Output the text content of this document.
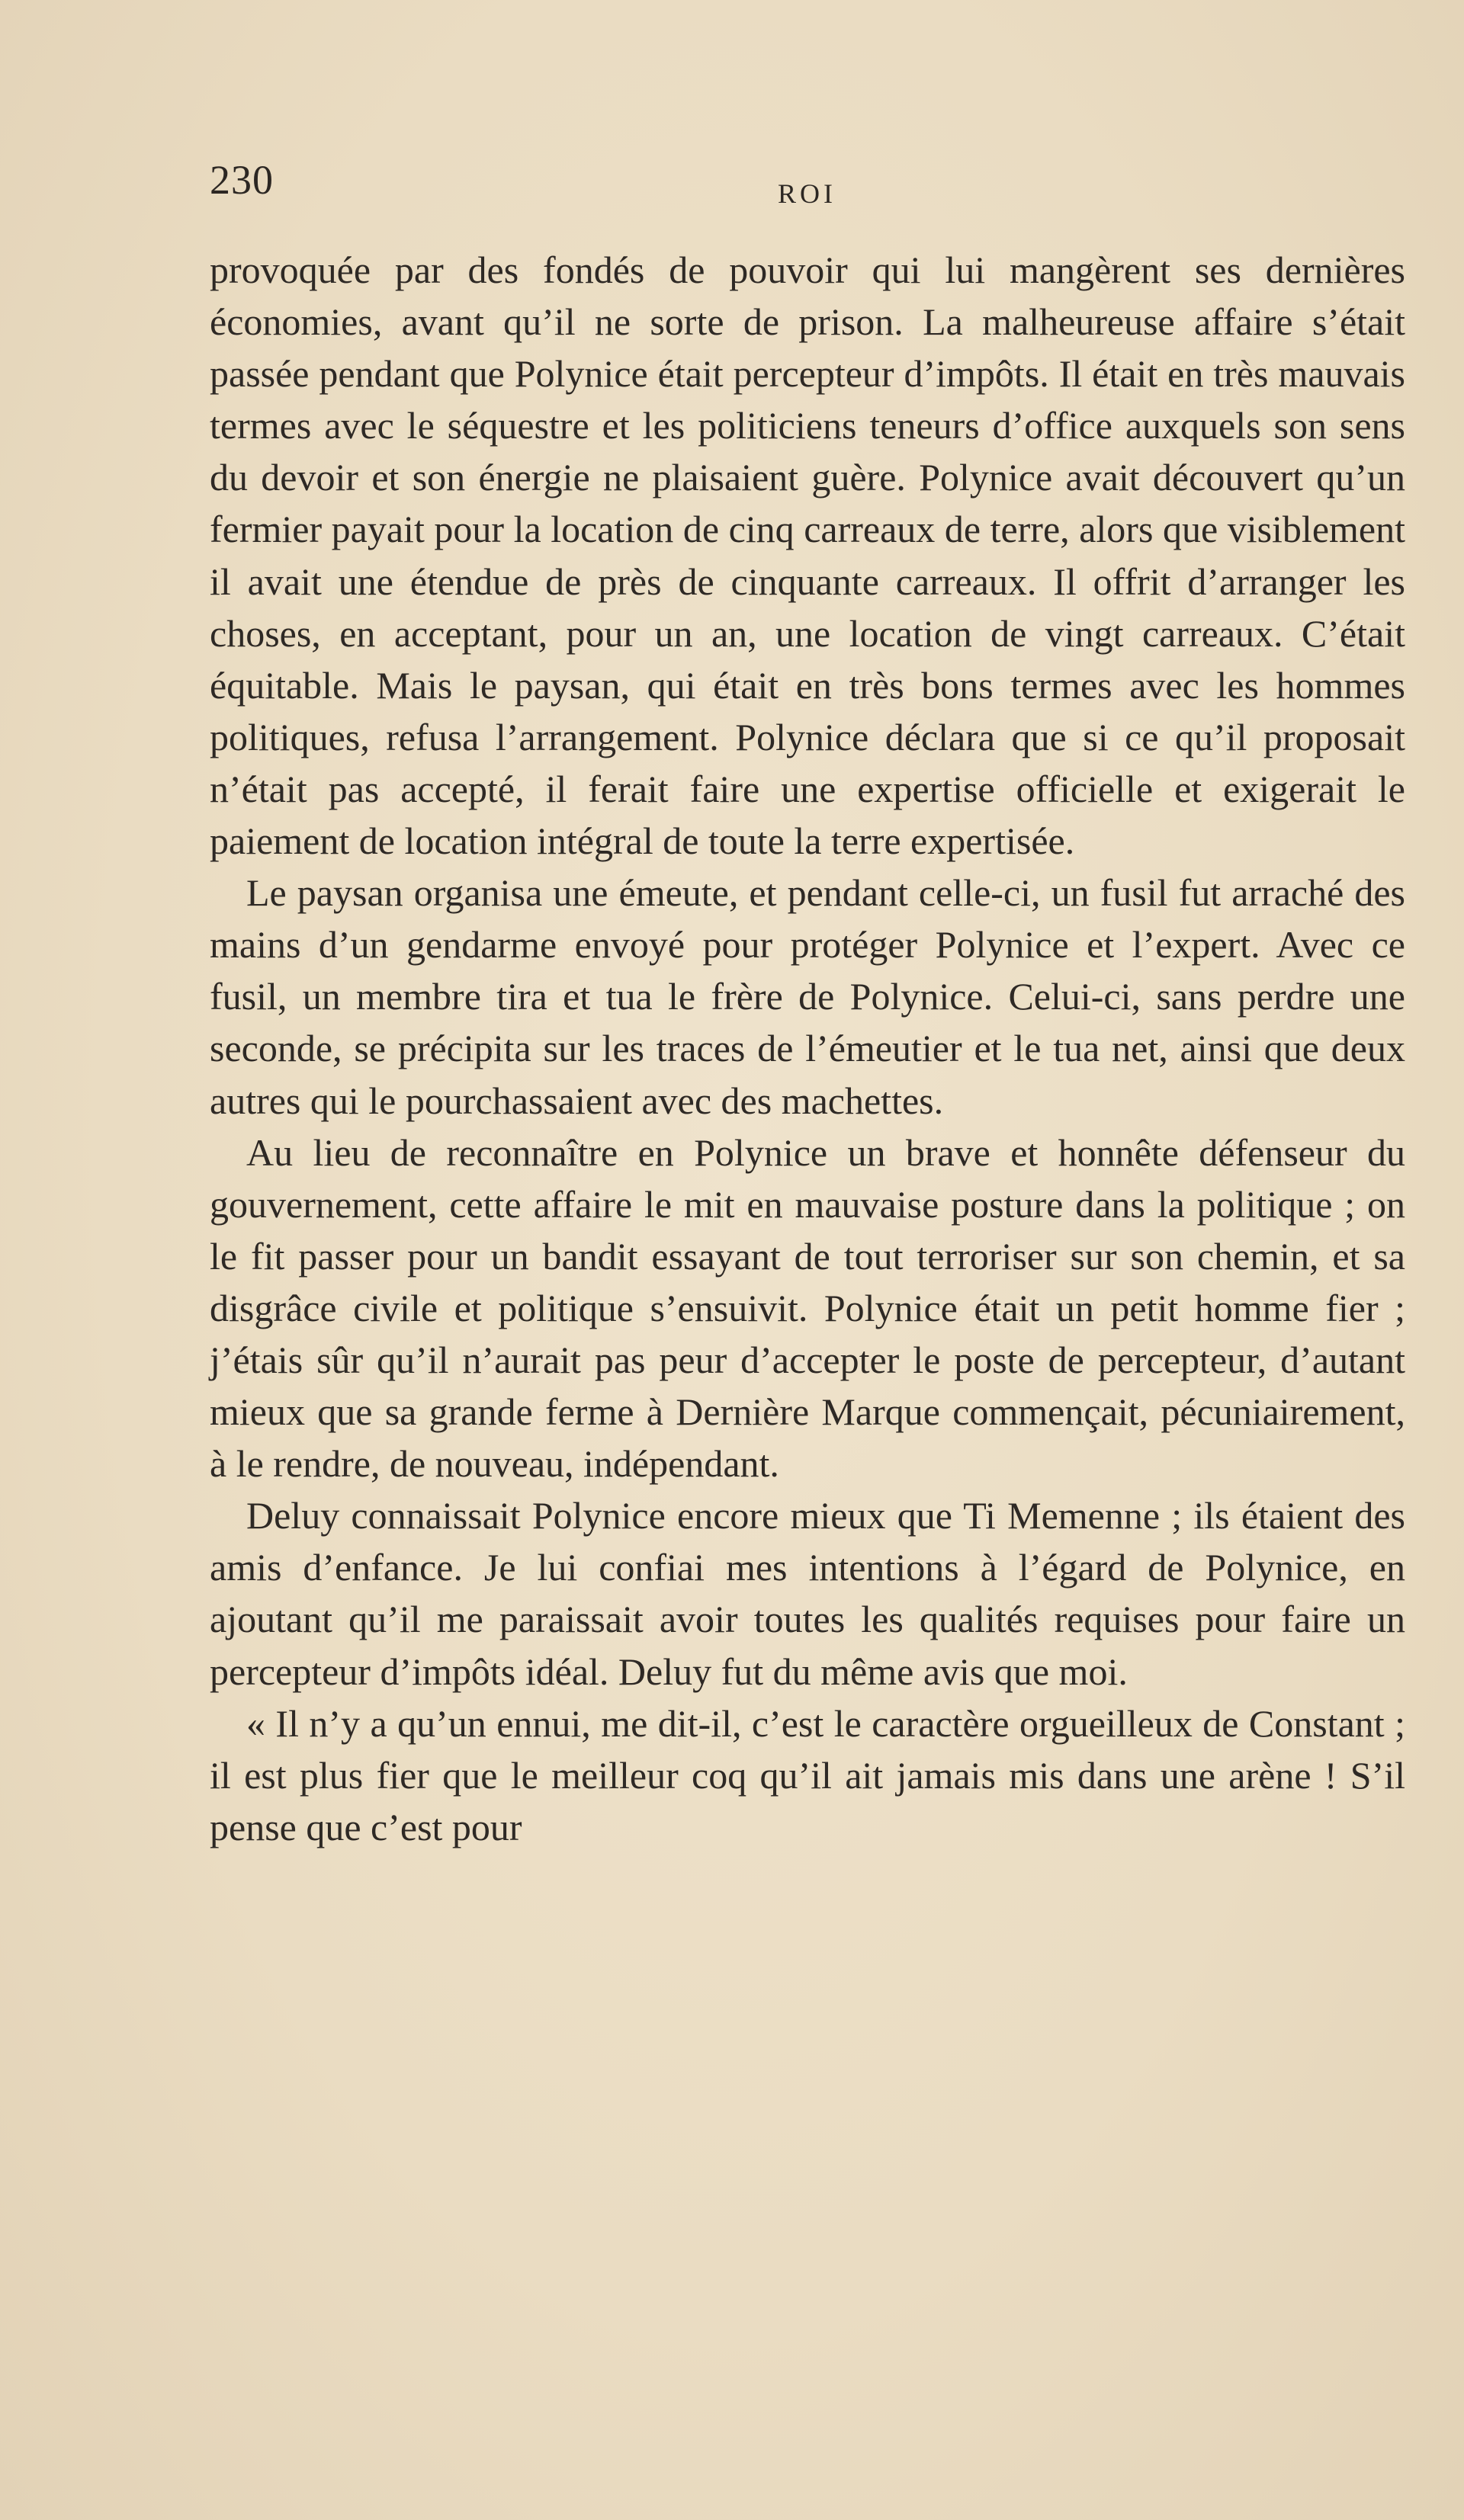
230	ROI

provoquée par des fondés de pouvoir qui lui mangèrent ses dernières économies, avant qu’il ne sorte de prison. La malheureuse affaire s’était passée pendant que Polynice était percepteur d’impôts. Il était en très mauvais termes avec le séquestre et les politiciens teneurs d’office auxquels son sens du devoir et son énergie ne plaisaient guère. Polynice avait découvert qu’un fermier payait pour la location de cinq carreaux de terre, alors que visiblement il avait une étendue de près de cinquante carreaux. Il offrit d’arranger les choses, en acceptant, pour un an, une location de vingt carreaux. C’était équitable. Mais le paysan, qui était en très bons termes avec les hommes politiques, refusa l’arrangement. Polynice déclara que si ce qu’il proposait n’était pas accepté, il ferait faire une expertise officielle et exigerait le paiement de location intégral de toute la terre expertisée.

Le paysan organisa une émeute, et pendant celle-ci, un fusil fut arraché des mains d’un gendarme envoyé pour protéger Polynice et l’expert. Avec ce fusil, un membre tira et tua le frère de Polynice. Celui-ci, sans perdre une seconde, se précipita sur les traces de l’émeutier et le tua net, ainsi que deux autres qui le pourchassaient avec des machettes.

Au lieu de reconnaître en Polynice un brave et honnête défenseur du gouvernement, cette affaire le mit en mauvaise posture dans la politique ; on le fit passer pour un bandit essayant de tout terroriser sur son chemin, et sa disgrâce civile et politique s’ensuivit. Polynice était un petit homme fier ; j’étais sûr qu’il n’aurait pas peur d’accepter le poste de percepteur, d’autant mieux que sa grande ferme à Dernière Marque commençait, pécuniairement, à le rendre, de nouveau, indépendant.

Deluy connaissait Polynice encore mieux que Ti Memenne ; ils étaient des amis d’enfance. Je lui confiai mes intentions à l’égard de Polynice, en ajoutant qu’il me paraissait avoir toutes les qualités requises pour faire un percepteur d’impôts idéal. Deluy fut du même avis que moi.

« Il n’y a qu’un ennui, me dit-il, c’est le caractère orgueilleux de Constant ; il est plus fier que le meilleur coq qu’il ait jamais mis dans une arène ! S’il pense que c’est pour
